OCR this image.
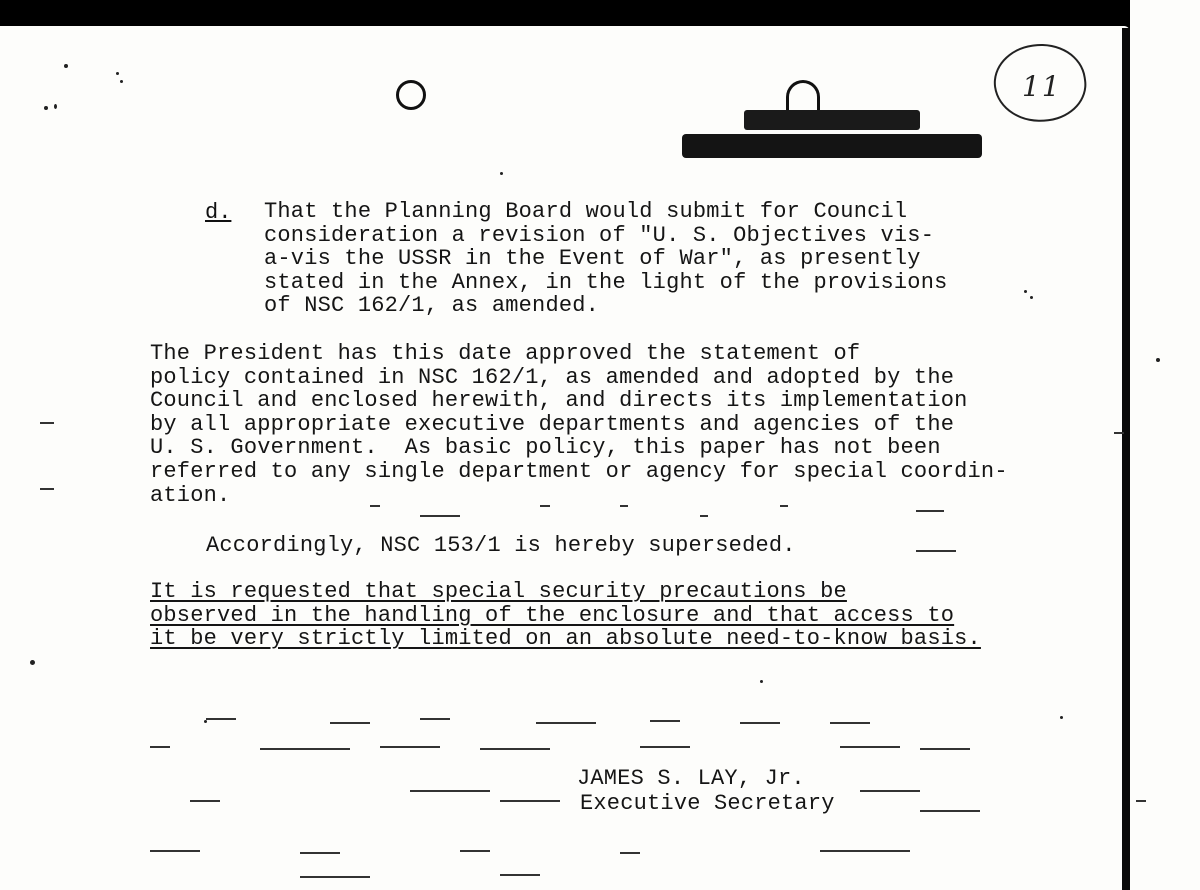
11
d. That the Planning Board would submit for Council
consideration a revision of "U. S. Objectives vis-
a-vis the USSR in the Event of War", as presently
stated in the Annex, in the light of the provisions
of NSC 162/1, as amended.
The President has this date approved the statement of
policy contained in NSC 162/1, as amended and adopted by the
Council and enclosed herewith, and directs its implementation
by all appropriate executive departments and agencies of the
U. S. Government.  As basic policy, this paper has not been
referred to any single department or agency for special coordin-
ation.
Accordingly, NSC 153/1 is hereby superseded.
It is requested that special security precautions be
observed in the handling of the enclosure and that access to
it be very strictly limited on an absolute need-to-know basis.
JAMES S. LAY, Jr.
Executive Secretary
